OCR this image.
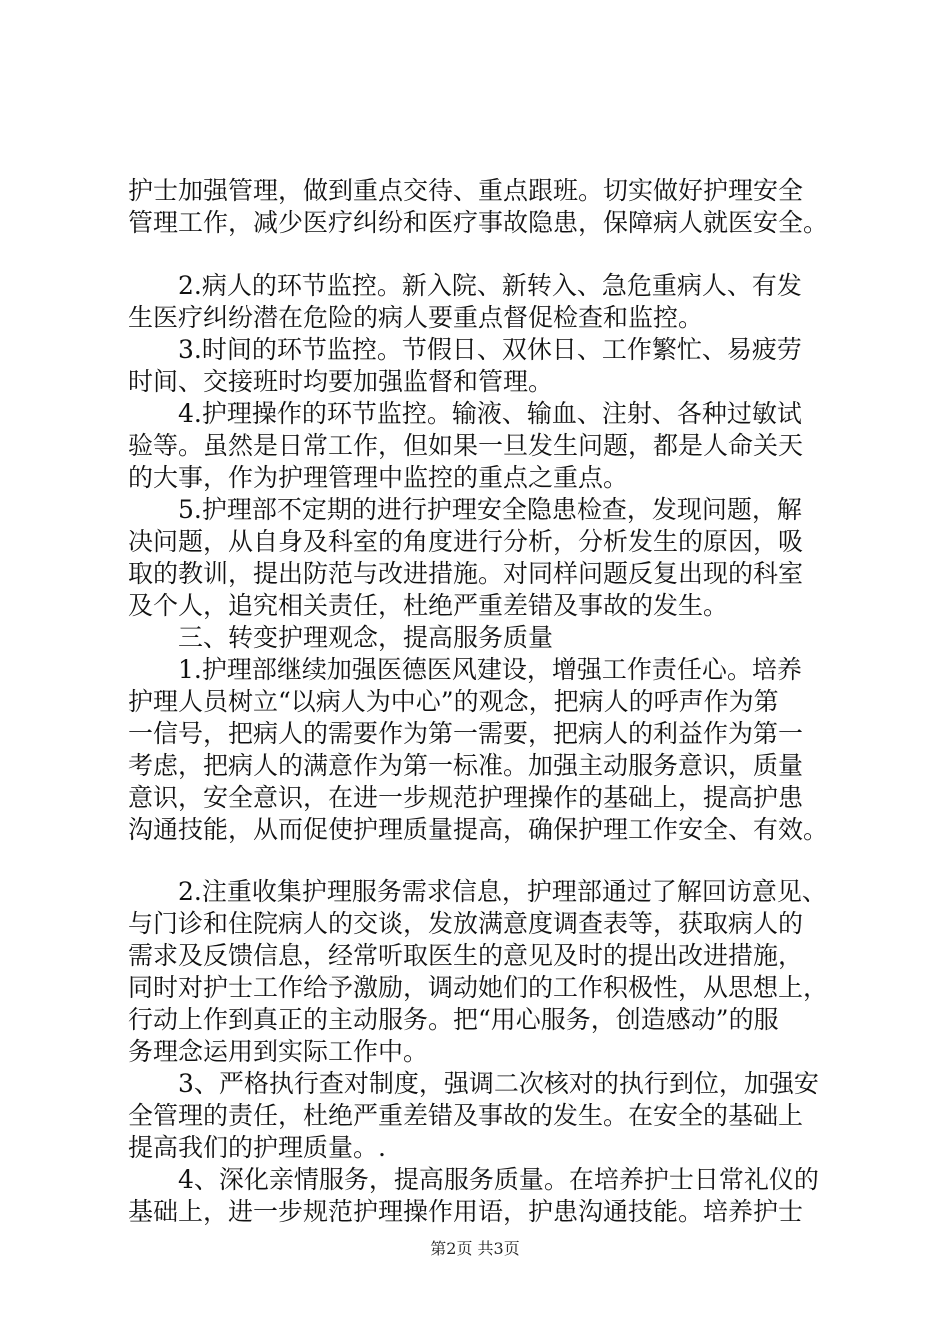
护士加强管理，做到重点交待、重点跟班。切实做好护理安全
管理工作，减少医疗纠纷和医疗事故隐患，保障病人就医安全。
　　2.病人的环节监控。新入院、新转入、急危重病人、有发
生医疗纠纷潜在危险的病人要重点督促检查和监控。
　　3.时间的环节监控。节假日、双休日、工作繁忙、易疲劳
时间、交接班时均要加强监督和管理。
　　4.护理操作的环节监控。输液、输血、注射、各种过敏试
验等。虽然是日常工作，但如果一旦发生问题，都是人命关天
的大事，作为护理管理中监控的重点之重点。
　　5.护理部不定期的进行护理安全隐患检查，发现问题，解
决问题，从自身及科室的角度进行分析，分析发生的原因，吸
取的教训，提出防范与改进措施。对同样问题反复出现的科室
及个人，追究相关责任，杜绝严重差错及事故的发生。
　　三、转变护理观念，提高服务质量
　　1.护理部继续加强医德医风建设，增强工作责任心。培养
护理人员树立“以病人为中心”的观念，把病人的呼声作为第
一信号，把病人的需要作为第一需要，把病人的利益作为第一
考虑，把病人的满意作为第一标准。加强主动服务意识，质量
意识，安全意识，在进一步规范护理操作的基础上，提高护患
沟通技能，从而促使护理质量提高，确保护理工作安全、有效。
　　2.注重收集护理服务需求信息，护理部通过了解回访意见、
与门诊和住院病人的交谈，发放满意度调查表等，获取病人的
需求及反馈信息，经常听取医生的意见及时的提出改进措施，
同时对护士工作给予激励，调动她们的工作积极性，从思想上，
行动上作到真正的主动服务。把“用心服务，创造感动”的服
务理念运用到实际工作中。
　　3、严格执行查对制度，强调二次核对的执行到位，加强安
全管理的责任，杜绝严重差错及事故的发生。在安全的基础上
提高我们的护理质量。.
　　4、深化亲情服务，提高服务质量。在培养护士日常礼仪的
基础上，进一步规范护理操作用语，护患沟通技能。培养护士
第2页 共3页
